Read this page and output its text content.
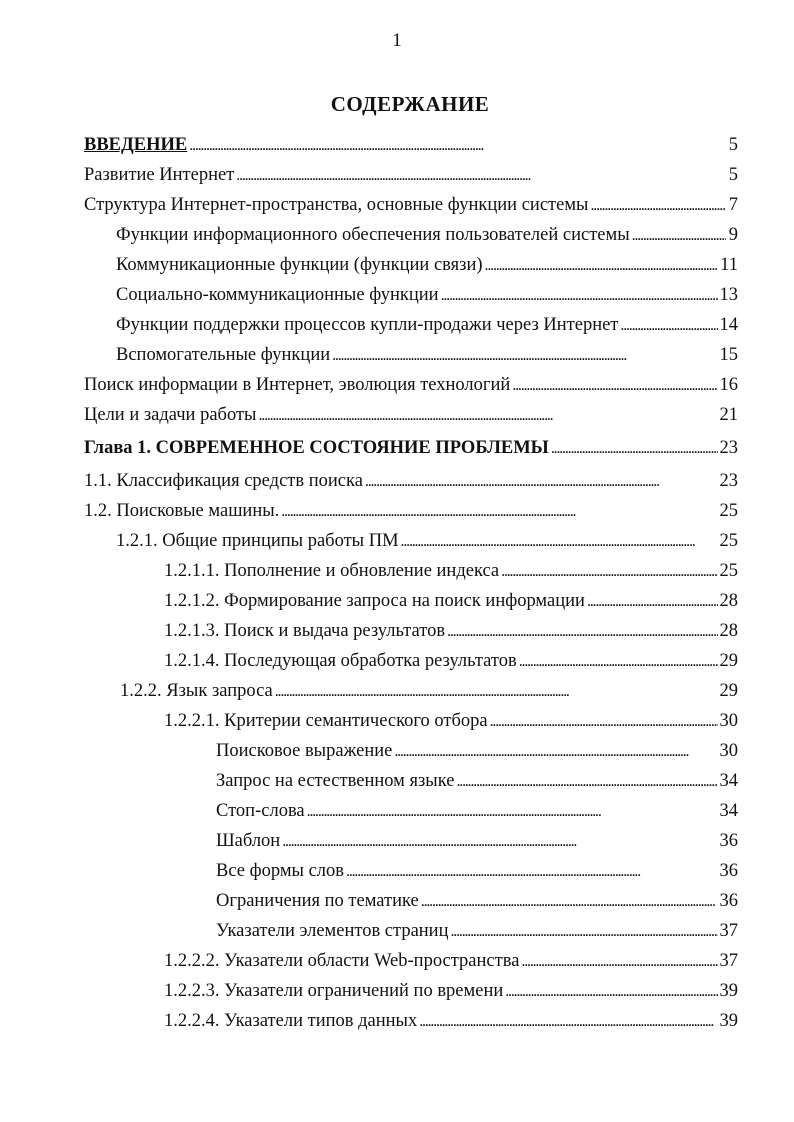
1
СОДЕРЖАНИЕ
ВВЕДЕНИЕ . . .	5
Развитие Интернет . . .	5
Структура Интернет-пространства, основные функции системы . . .	7
Функции информационного обеспечения пользователей системы . . .	9
Коммуникационные функции (функции связи) . . .	11
Социально-коммуникационные функции . . .	13
Функции поддержки процессов купли-продажи через Интернет . . .	14
Вспомогательные функции . . .	15
Поиск информации в Интернет, эволюция технологий . . .	16
Цели и задачи работы . . .	21
Глава 1. СОВРЕМЕННОЕ СОСТОЯНИЕ ПРОБЛЕМЫ . . .	23
1.1. Классификация средств поиска . . .	23
1.2. Поисковые машины. . . .	25
1.2.1. Общие принципы работы ПМ . . .	25
1.2.1.1. Пополнение и обновление индекса . . .	25
1.2.1.2. Формирование запроса на поиск информации . . .	28
1.2.1.3. Поиск и выдача результатов . . .	28
1.2.1.4. Последующая обработка результатов . . .	29
1.2.2. Язык запроса . . .	29
1.2.2.1. Критерии семантического отбора . . .	30
Поисковое выражение . . .	30
Запрос на естественном языке . . .	34
Стоп-слова . . .	34
Шаблон . . .	36
Все формы слов . . .	36
Ограничения по тематике . . .	36
Указатели элементов страниц . . .	37
1.2.2.2. Указатели области Web-пространства . . .	37
1.2.2.3. Указатели ограничений по времени . . .	39
1.2.2.4. Указатели типов данных . . .	39
